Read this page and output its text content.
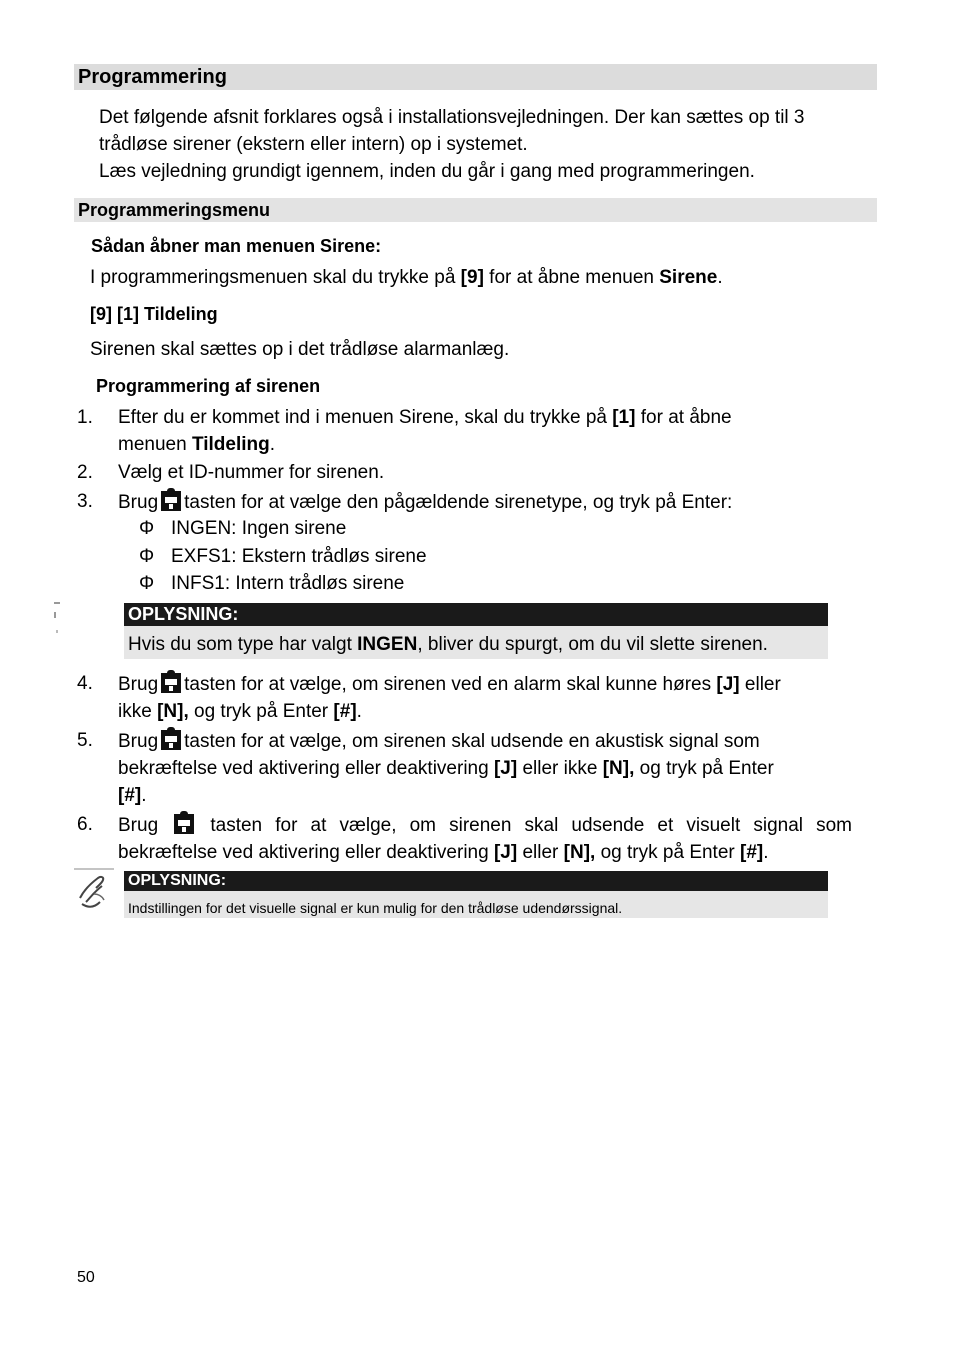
Programmering
Det følgende afsnit forklares også i installationsvejledningen. Der kan sættes op til 3
trådløse sirener (ekstern eller intern) op i systemet.
Læs vejledning grundigt igennem, inden du går i gang med programmeringen.
Programmeringsmenu
Sådan åbner man menuen Sirene:
I programmeringsmenuen skal du trykke på [9] for at åbne menuen Sirene.
[9] [1] Tildeling
Sirenen skal sættes op i det trådløse alarmanlæg.
Programmering af sirenen
1.	Efter du er kommet ind i menuen Sirene, skal du trykke på [1] for at åbne
menuen Tildeling.
2.	Vælg et ID-nummer for sirenen.
3.	Brug tasten for at vælge den pågældende sirenetype, og tryk på Enter:
Φ INGEN: Ingen sirene
Φ EXFS1: Ekstern trådløs sirene
Φ INFS1: Intern trådløs sirene
OPLYSNING:
Hvis du som type har valgt INGEN, bliver du spurgt, om du vil slette sirenen.
4.	Brug tasten for at vælge, om sirenen ved en alarm skal kunne høres [J] eller
ikke [N], og tryk på Enter [#].
5.	Brug tasten for at vælge, om sirenen skal udsende en akustisk signal som
bekræftelse ved aktivering eller deaktivering [J] eller ikke [N], og tryk på Enter
[#].
6.	Brug	tasten for at vælge, om sirenen skal udsende et visuelt signal som
bekræftelse ved aktivering eller deaktivering [J] eller [N], og tryk på Enter [#].
OPLYSNING:
Indstillingen for det visuelle signal er kun mulig for den trådløse udendørssignal.
50
